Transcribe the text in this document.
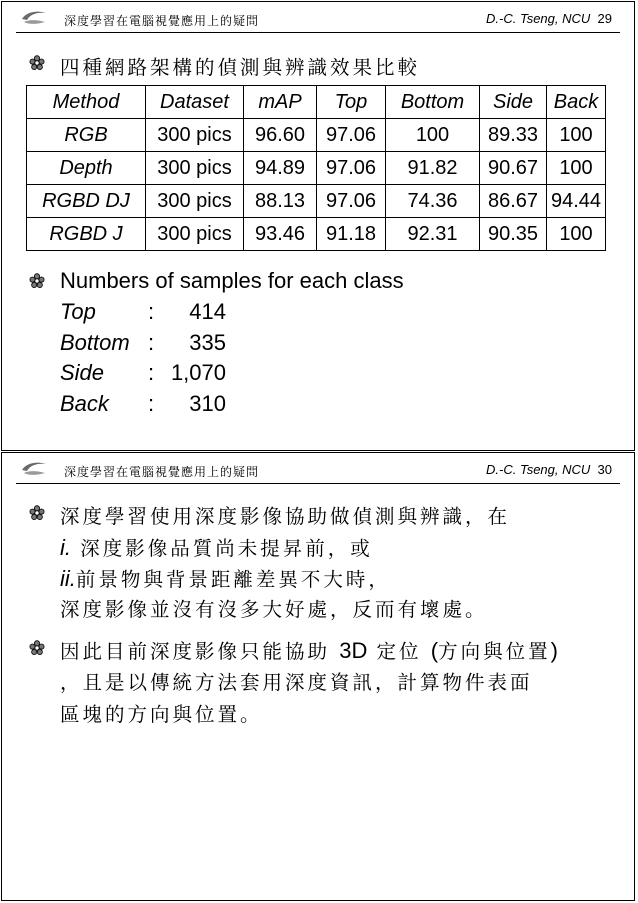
深度學習在電腦視覺應用上的疑問	D.-C. Tseng, NCU 29
四種網路架構的偵測與辨識效果比較
Method	Dataset	mAP	Top	Bottom	Side	Back
RGB	300 pics	96.60	97.06	100	89.33	100
Depth	300 pics	94.89	97.06	91.82	90.67	100
RGBD DJ	300 pics	88.13	97.06	74.36	86.67	94.44
RGBD J	300 pics	93.46	91.18	92.31	90.35	100
Numbers of samples for each class
Top :	414
Bottom :	335
Side : 1,070
Back :	310
深度學習在電腦視覺應用上的疑問	D.-C. Tseng, NCU 30
深度學習使用深度影像協助做偵測與辨識，在
i. 深度影像品質尚未提昇前，或
ii.前景物與背景距離差異不大時，
深度影像並沒有沒多大好處，反而有壞處。
因此目前深度影像只能協助 3D 定位 (方向與位置)
，且是以傳統方法套用深度資訊，計算物件表面
區塊的方向與位置。
